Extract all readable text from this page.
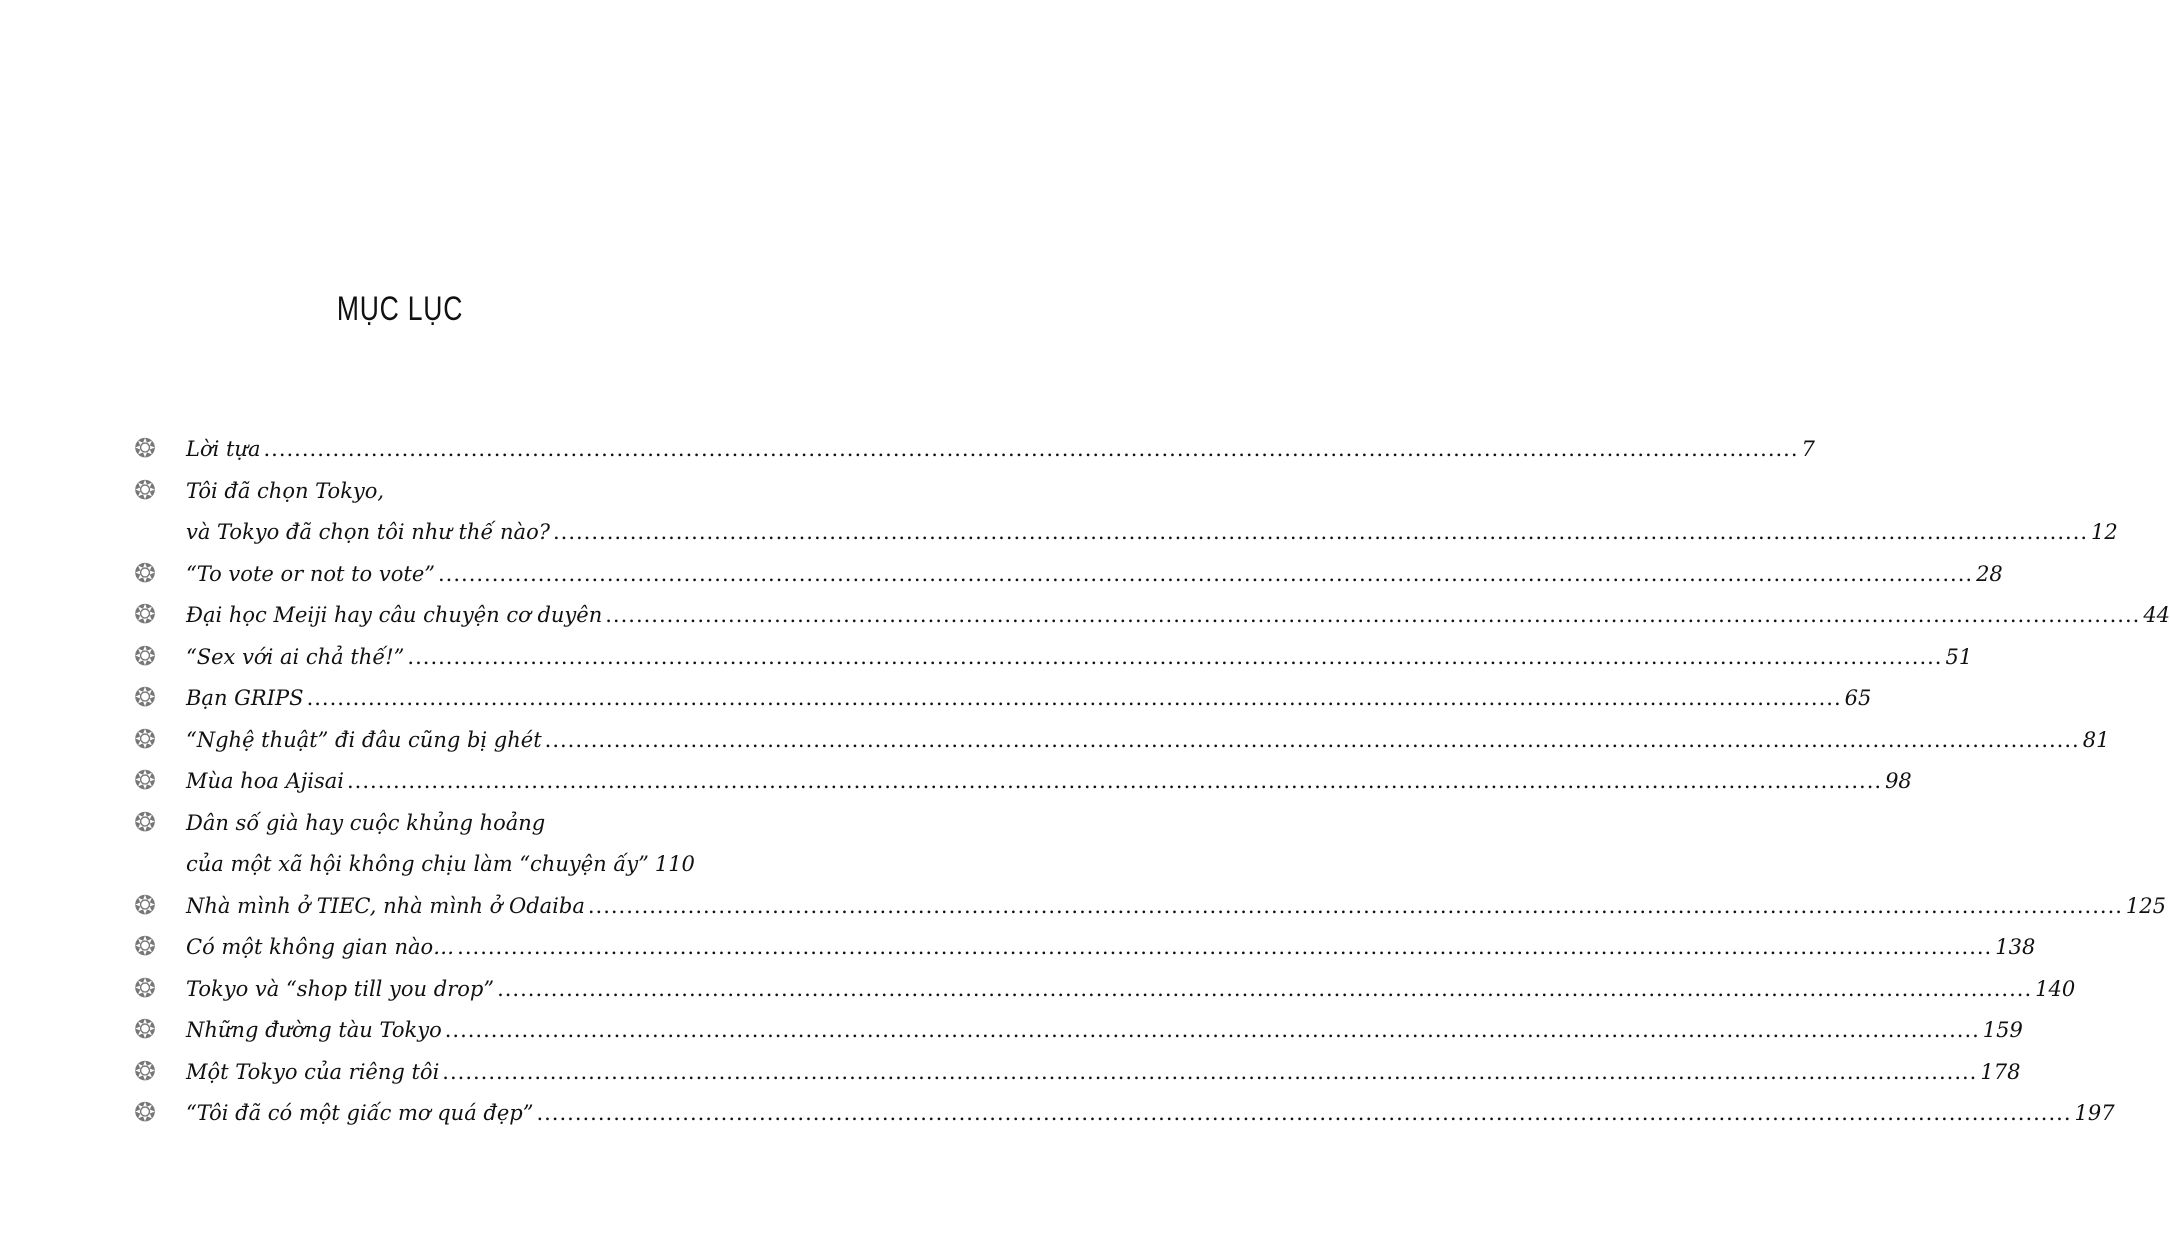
MỤC LỤC
❂ Lời tựa ........................................................................................................................................................................................................ 7
❂ Tôi đã chọn Tokyo,
và Tokyo đã chọn tôi như thế nào? ........................................................................................................................................................................................................ 12
❂ “To vote or not to vote” ........................................................................................................................................................................................................ 28
❂ Đại học Meiji hay câu chuyện cơ duyên ........................................................................................................................................................................................................ 44
❂ “Sex với ai chả thế!” ........................................................................................................................................................................................................ 51
❂ Bạn GRIPS ........................................................................................................................................................................................................ 65
❂ “Nghệ thuật” đi đâu cũng bị ghét ........................................................................................................................................................................................................ 81
❂ Mùa hoa Ajisai ........................................................................................................................................................................................................ 98
❂ Dân số già hay cuộc khủng hoảng
của một xã hội không chịu làm “chuyện ấy” 110
❂ Nhà mình ở TIEC, nhà mình ở Odaiba ........................................................................................................................................................................................................ 125
❂ Có một không gian nào… ........................................................................................................................................................................................................ 138
❂ Tokyo và “shop till you drop” ........................................................................................................................................................................................................ 140
❂ Những đường tàu Tokyo ........................................................................................................................................................................................................ 159
❂ Một Tokyo của riêng tôi ........................................................................................................................................................................................................ 178
❂ “Tôi đã có một giấc mơ quá đẹp” ........................................................................................................................................................................................................ 197
